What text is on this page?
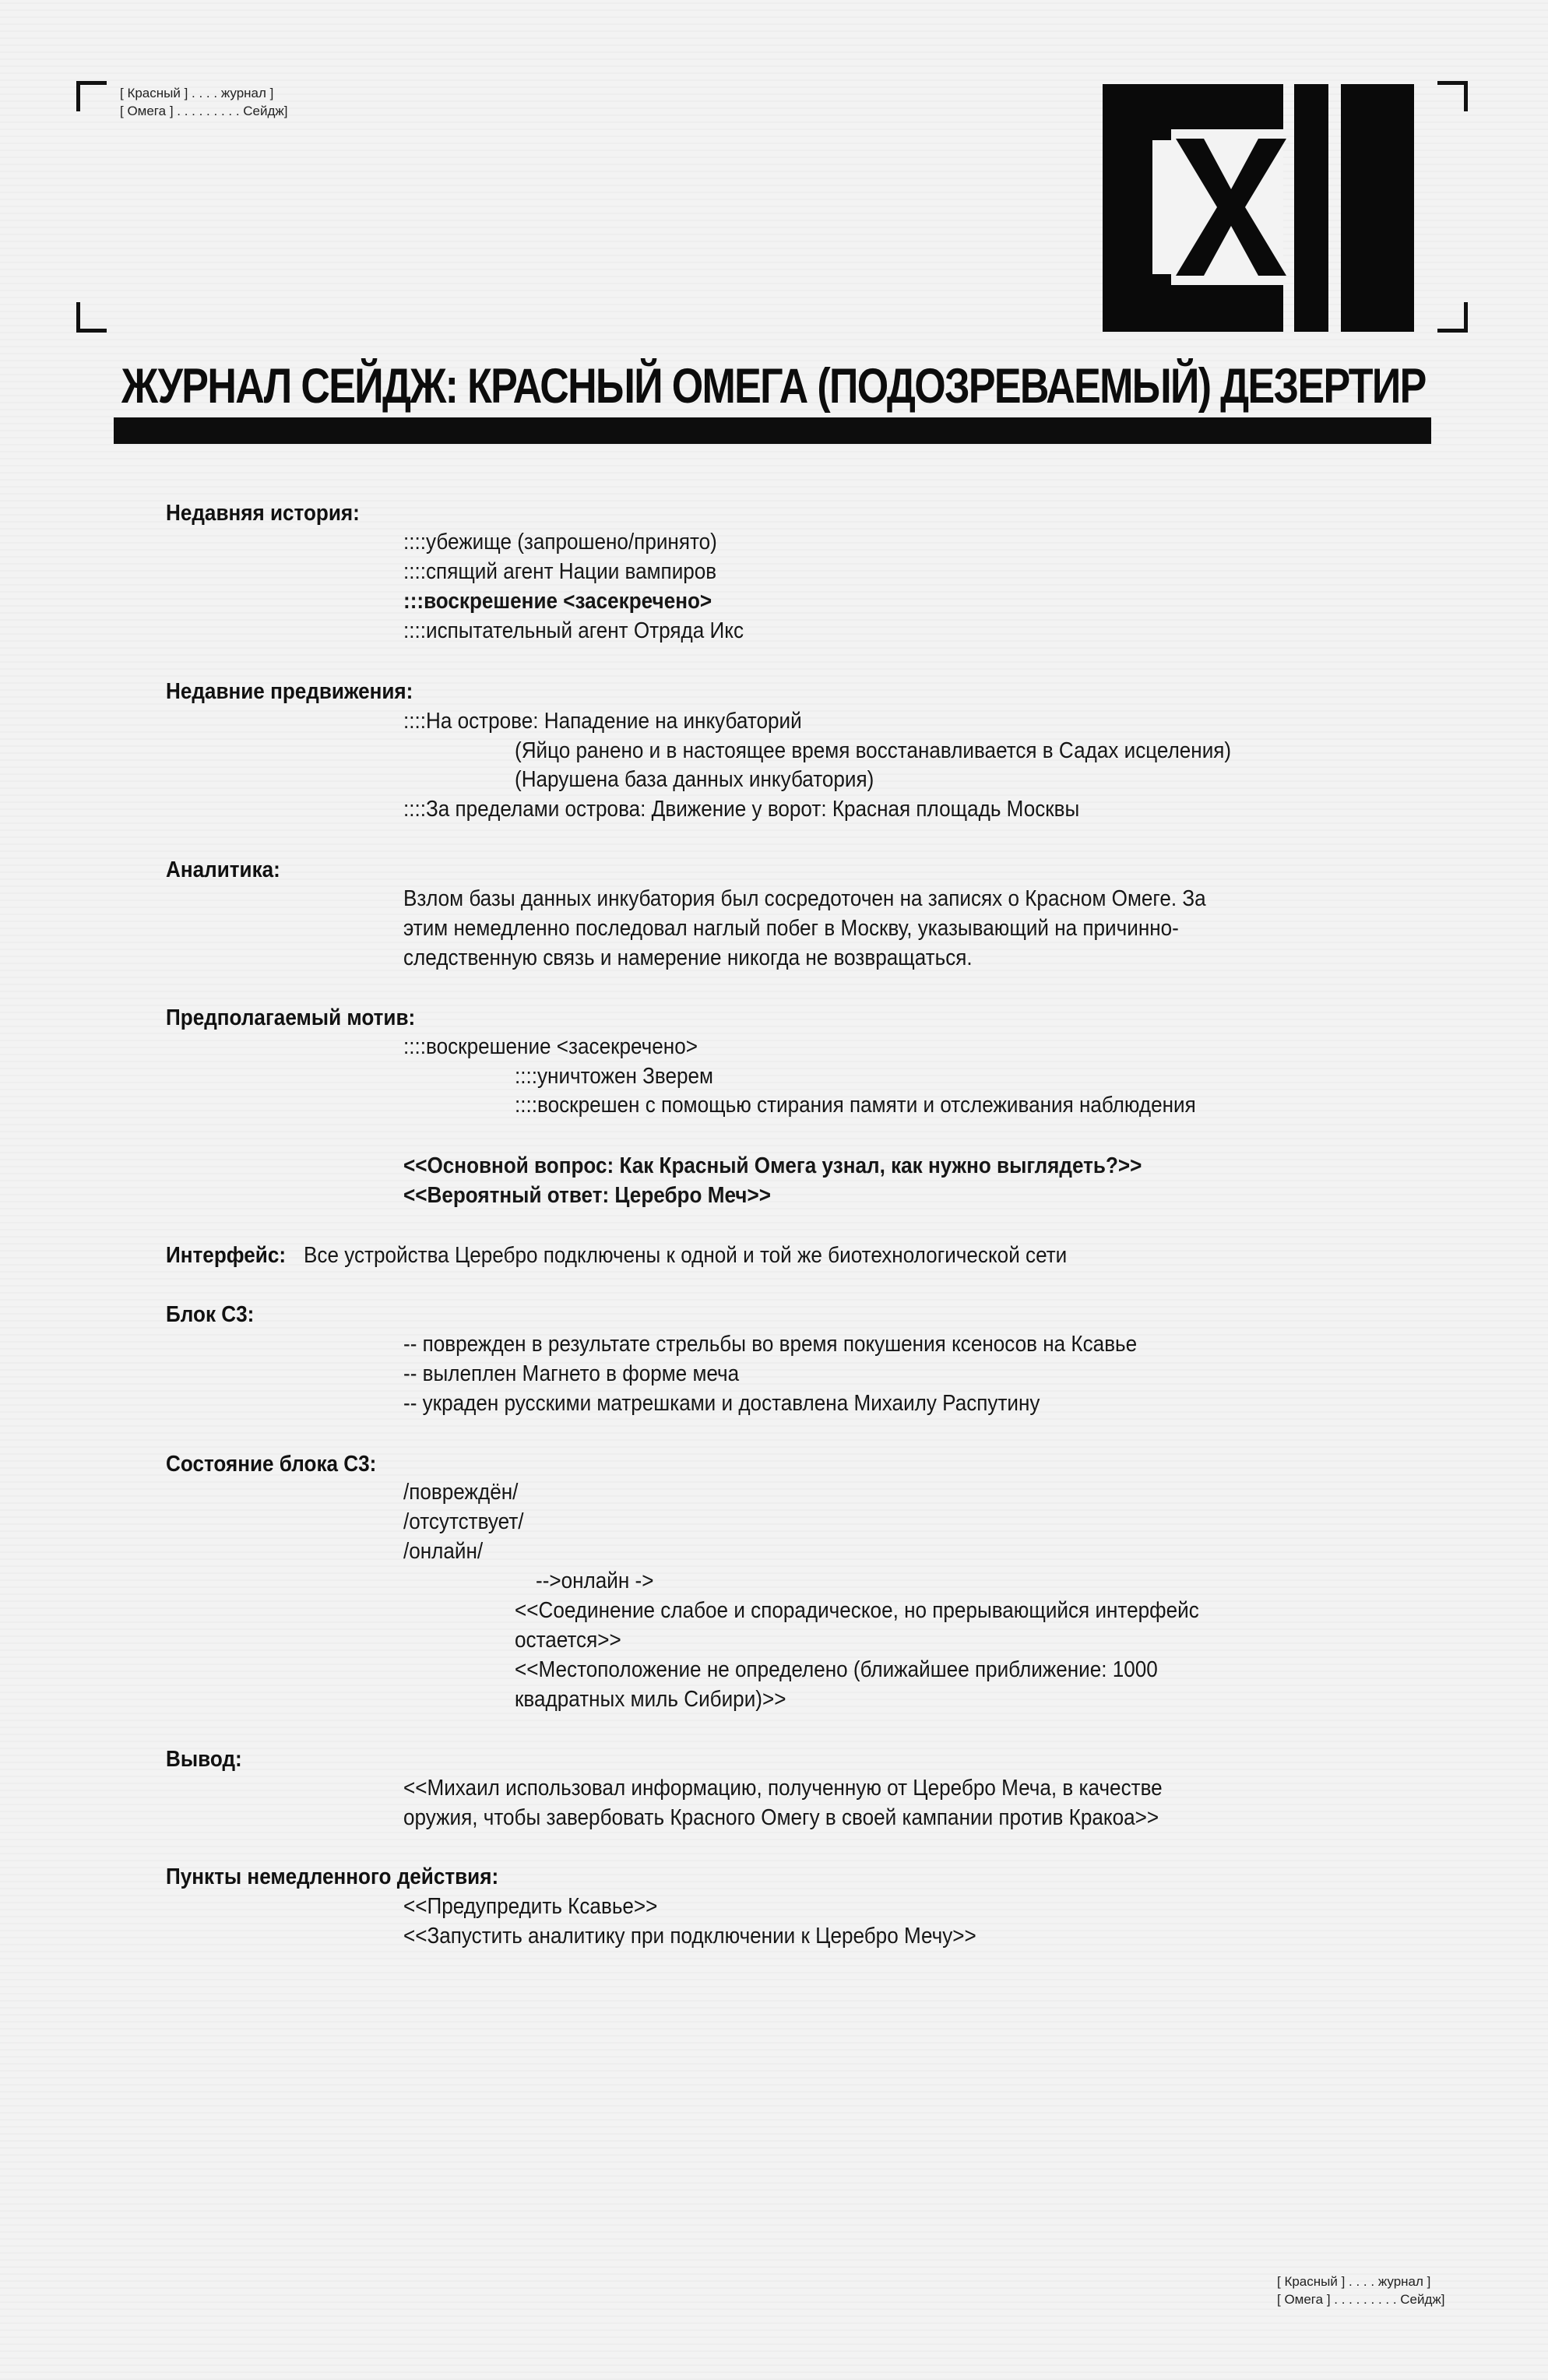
[ Красный ] . . . . журнал ]
[ Омега ] . . . . . . . . . Сейдж]
ЖУРНАЛ СЕЙДЖ: КРАСНЫЙ ОМЕГА (ПОДОЗРЕВАЕМЫЙ) ДЕЗЕРТИР
Недавняя история:
::::убежище (запрошено/принято)
::::спящий агент Нации вампиров
:::воскрешение <засекречено>
::::испытательный агент Отряда Икс
Недавние предвижения:
::::На острове: Нападение на инкубаторий
(Яйцо ранено и в настоящее время восстанавливается в Садах исцеления)
(Нарушена база данных инкубатория)
::::За пределами острова: Движение у ворот: Красная площадь Москвы
Аналитика:
Взлом базы данных инкубатория был сосредоточен на записях о Красном Омеге. За
этим немедленно последовал наглый побег в Москву, указывающий на причинно-
следственную связь и намерение никогда не возвращаться.
Предполагаемый мотив:
::::воскрешение <засекречено>
::::уничтожен Зверем
::::воскрешен с помощью стирания памяти и отслеживания наблюдения
<<Основной вопрос: Как Красный Омега узнал, как нужно выглядеть?>>
<<Вероятный ответ: Церебро Меч>>
Интерфейс: Все устройства Церебро подключены к одной и той же биотехнологической сети
Блок C3:
-- поврежден в результате стрельбы во время покушения ксеносов на Ксавье
-- вылеплен Магнето в форме меча
-- украден русскими матрешками и доставлена Михаилу Распутину
Состояние блока C3:
/повреждён/
/отсутствует/
/онлайн/
-->онлайн ->
<<Соединение слабое и спорадическое, но прерывающийся интерфейс
остается>>
<<Местоположение не определено (ближайшее приближение: 1000
квадратных миль Сибири)>>
Вывод:
<<Михаил использовал информацию, полученную от Церебро Меча, в качестве
оружия, чтобы завербовать Красного Омегу в своей кампании против Кракоа>>
Пункты немедленного действия:
<<Предупредить Ксавье>>
<<Запустить аналитику при подключении к Церебро Мечу>>
[ Красный ] . . . . журнал ]
[ Омега ] . . . . . . . . . Сейдж]
